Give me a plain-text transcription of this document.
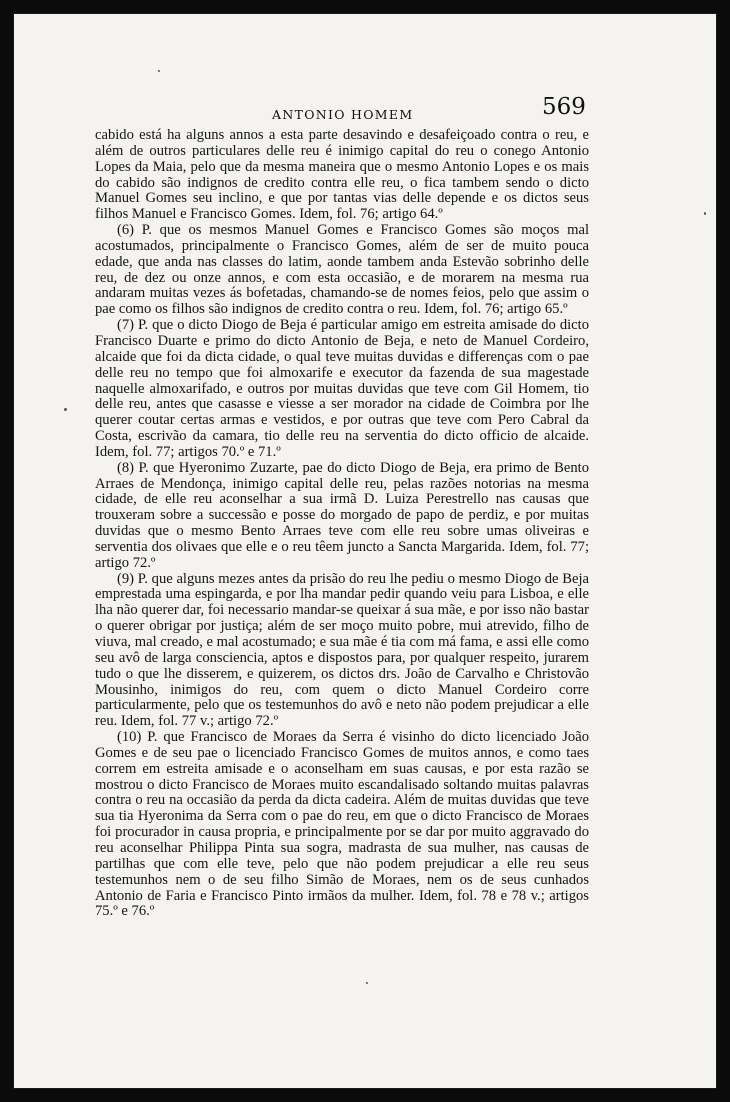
ANTONIO HOMEM	569

cabido está ha alguns annos a esta parte desavindo e desafeiçoado contra o reu, e além de outros particulares delle reu é inimigo capital do reu o conego Antonio Lopes da Maia, pelo que da mesma maneira que o mesmo Antonio Lopes e os mais do cabido são indignos de credito contra elle reu, o fica tambem sendo o dicto Manuel Gomes seu inclino, e que por tantas vias delle depende e os dictos seus filhos Manuel e Francisco Gomes. Idem, fol. 76; artigo 64.º

(6) P. que os mesmos Manuel Gomes e Francisco Gomes são moços mal acostumados, principalmente o Francisco Gomes, além de ser de muito pouca edade, que anda nas classes do latim, aonde tambem anda Estevão sobrinho delle reu, de dez ou onze annos, e com esta occasião, e de morarem na mesma rua andaram muitas vezes ás bofetadas, chamando-se de nomes feios, pelo que assim o pae como os filhos são indignos de credito contra o reu. Idem, fol. 76; artigo 65.º

(7) P. que o dicto Diogo de Beja é particular amigo em estreita amisade do dicto Francisco Duarte e primo do dicto Antonio de Beja, e neto de Manuel Cordeiro, alcaide que foi da dicta cidade, o qual teve muitas duvidas e differenças com o pae delle reu no tempo que foi almoxarife e executor da fazenda de sua magestade naquelle almoxarifado, e outros por muitas duvidas que teve com Gil Homem, tio delle reu, antes que casasse e viesse a ser morador na cidade de Coimbra por lhe querer coutar certas armas e vestidos, e por outras que teve com Pero Cabral da Costa, escrivão da camara, tio delle reu na serventia do dicto officio de alcaide. Idem, fol. 77; artigos 70.º e 71.º

(8) P. que Hyeronimo Zuzarte, pae do dicto Diogo de Beja, era primo de Bento Arraes de Mendonça, inimigo capital delle reu, pelas razões notorias na mesma cidade, de elle reu aconselhar a sua irmã D. Luiza Perestrello nas causas que trouxeram sobre a successão e posse do morgado de papo de perdiz, e por muitas duvidas que o mesmo Bento Arraes teve com elle reu sobre umas oliveiras e serventia dos olivaes que elle e o reu têem juncto a Sancta Margarida. Idem, fol. 77; artigo 72.º

(9) P. que alguns mezes antes da prisão do reu lhe pediu o mesmo Diogo de Beja emprestada uma espingarda, e por lha mandar pedir quando veiu para Lisboa, e elle lha não querer dar, foi necessario mandar-se queixar á sua mãe, e por isso não bastar o querer obrigar por justiça; além de ser moço muito pobre, mui atrevido, filho de viuva, mal creado, e mal acostumado; e sua mãe é tia com má fama, e assi elle como seu avô de larga consciencia, aptos e dispostos para, por qualquer respeito, jurarem tudo o que lhe disserem, e quizerem, os dictos drs. João de Carvalho e Christovão Mousinho, inimigos do reu, com quem o dicto Manuel Cordeiro corre particularmente, pelo que os testemunhos do avô e neto não podem prejudicar a elle reu. Idem, fol. 77 v.; artigo 72.º

(10) P. que Francisco de Moraes da Serra é visinho do dicto licenciado João Gomes e de seu pae o licenciado Francisco Gomes de muitos annos, e como taes correm em estreita amisade e o aconselham em suas causas, e por esta razão se mostrou o dicto Francisco de Moraes muito escandalisado soltando muitas palavras contra o reu na occasião da perda da dicta cadeira. Além de muitas duvidas que teve sua tia Hyeronima da Serra com o pae do reu, em que o dicto Francisco de Moraes foi procurador in causa propria, e principalmente por se dar por muito aggravado do reu aconselhar Philippa Pinta sua sogra, madrasta de sua mulher, nas causas de partilhas que com elle teve, pelo que não podem prejudicar a elle reu seus testemunhos nem o de seu filho Simão de Moraes, nem os de seus cunhados Antonio de Faria e Francisco Pinto irmãos da mulher. Idem, fol. 78 e 78 v.; artigos 75.º e 76.º
